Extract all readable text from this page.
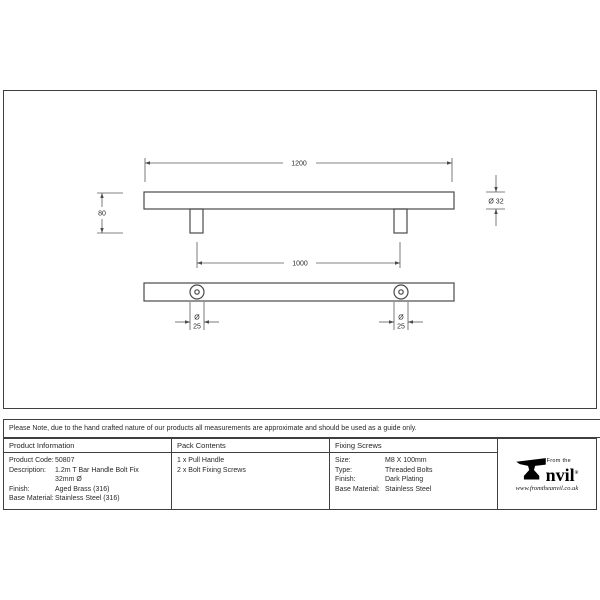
1200
80
Ø 32
1000
Ø
25
Ø
25
Please Note, due to the hand crafted nature of our products all measurements are approximate and should be used as a guide only.
Product Information
Product Code:50807
Description: 1.2m T Bar Handle Bolt Fix
32mm Ø
Finish:	Aged Brass (316)
Base Material:Stainless Steel (316)
Pack Contents
1 x Pull Handle
2 x Bolt Fixing Screws
Fixing Screws
Size:	M8 X 100mm
Type:	Threaded Bolts
Finish:	Dark Plating
Base Material: Stainless Steel
From the
nvil®
www.fromtheanvil.co.uk
